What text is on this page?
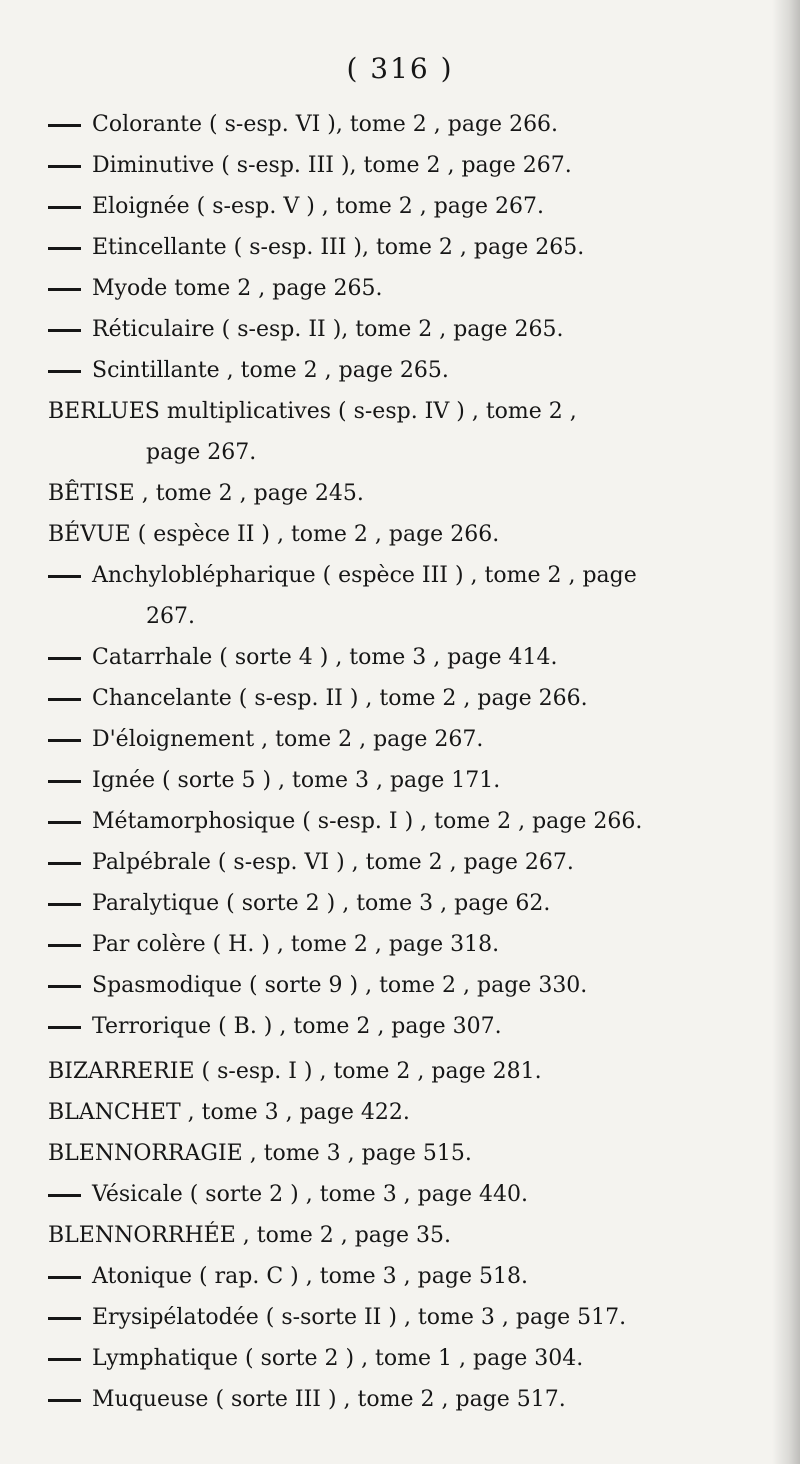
( 316 )
Colorante ( s-esp. VI ), tome 2 , page 266.
Diminutive ( s-esp. III ), tome 2 , page 267.
Eloignée ( s-esp. V ) , tome 2 , page 267.
Etincellante ( s-esp. III ), tome 2 , page 265.
Myode tome 2 , page 265.
Réticulaire ( s-esp. II ), tome 2 , page 265.
Scintillante , tome 2 , page 265.
BERLUES multiplicatives ( s-esp. IV ) , tome 2 ,
page 267.
BÊTISE , tome 2 , page 245.
BÉVUE ( espèce II ) , tome 2 , page 266.
Anchyloblépharique ( espèce III ) , tome 2 , page
267.
Catarrhale ( sorte 4 ) , tome 3 , page 414.
Chancelante ( s-esp. II ) , tome 2 , page 266.
D'éloignement , tome 2 , page 267.
Ignée ( sorte 5 ) , tome 3 , page 171.
Métamorphosique ( s-esp. I ) , tome 2 , page 266.
Palpébrale ( s-esp. VI ) , tome 2 , page 267.
Paralytique ( sorte 2 ) , tome 3 , page 62.
Par colère ( H. ) , tome 2 , page 318.
Spasmodique ( sorte 9 ) , tome 2 , page 330.
Terrorique ( B. ) , tome 2 , page 307.
BIZARRERIE ( s-esp. I ) , tome 2 , page 281.
BLANCHET , tome 3 , page 422.
BLENNORRAGIE , tome 3 , page 515.
Vésicale ( sorte 2 ) , tome 3 , page 440.
BLENNORRHÉE , tome 2 , page 35.
Atonique ( rap. C ) , tome 3 , page 518.
Erysipélatodée ( s-sorte II ) , tome 3 , page 517.
Lymphatique ( sorte 2 ) , tome 1 , page 304.
Muqueuse ( sorte III ) , tome 2 , page 517.
